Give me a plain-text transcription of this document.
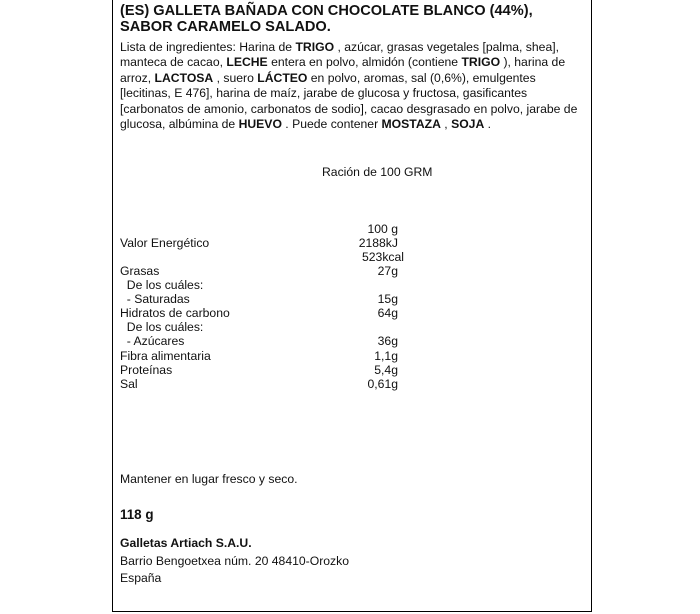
(ES) GALLETA BAÑADA CON CHOCOLATE BLANCO (44%),
SABOR CARAMELO SALADO.
Lista de ingredientes: Harina de TRIGO , azúcar, grasas vegetales [palma, shea], manteca de cacao, LECHE entera en polvo, almidón (contiene TRIGO ), harina de arroz, LACTOSA , suero LÁCTEO en polvo, aromas, sal (0,6%), emulgentes [lecitinas, E 476], harina de maíz, jarabe de glucosa y fructosa, gasificantes [carbonatos de amonio, carbonatos de sodio], cacao desgrasado en polvo, jarabe de glucosa, albúmina de HUEVO . Puede contener MOSTAZA , SOJA .
Ración de 100 GRM
100 g
Valor Energético	2188kJ
523kcal
Grasas	27g
De los cuáles:
- Saturadas	15g
Hidratos de carbono	64g
De los cuáles:
- Azúcares	36g
Fibra alimentaria	1,1g
Proteínas	5,4g
Sal	0,61g
Mantener en lugar fresco y seco.
118 g
Galletas Artiach S.A.U.
Barrio Bengoetxea núm. 20 48410-Orozko
España
